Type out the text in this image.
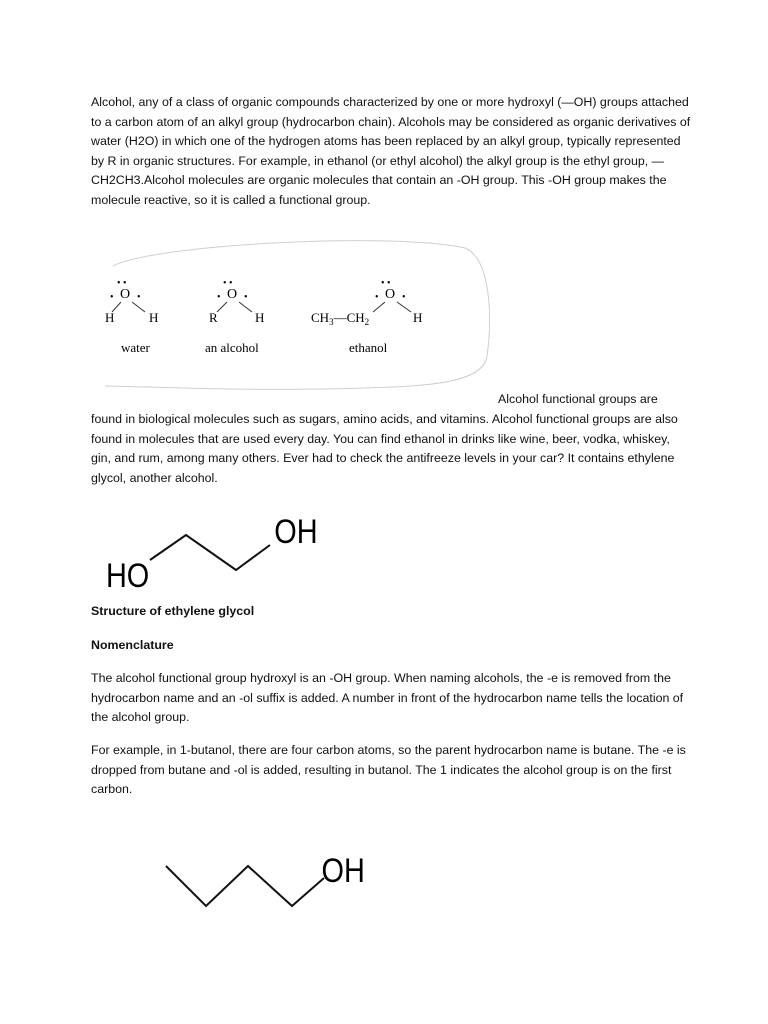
Alcohol, any of a class of organic compounds characterized by one or more hydroxyl (—OH) groups attached to a carbon atom of an alkyl group (hydrocarbon chain). Alcohols may be considered as organic derivatives of water (H2O) in which one of the hydrogen atoms has been replaced by an alkyl group, typically represented by R in organic structures. For example, in ethanol (or ethyl alcohol) the alkyl group is the ethyl group, —CH2CH3.Alcohol molecules are organic molecules that contain an -OH group. This -OH group makes the molecule reactive, so it is called a functional group.

O
• •
• •
H	H
water
O
• •
• •
R	H
an alcohol
O
• •
• •
$CH_3—CH_2$	H
ethanol

Alcohol functional groups are

found in biological molecules such as sugars, amino acids, and vitamins. Alcohol functional groups are also found in molecules that are used every day. You can find ethanol in drinks like wine, beer, vodka, whiskey, gin, and rum, among many others. Ever had to check the antifreeze levels in your car? It contains ethylene glycol, another alcohol.

HO
OH

Structure of ethylene glycol

Nomenclature

The alcohol functional group hydroxyl is an -OH group. When naming alcohols, the -e is removed from the hydrocarbon name and an -ol suffix is added. A number in front of the hydrocarbon name tells the location of the alcohol group.

For example, in 1-butanol, there are four carbon atoms, so the parent hydrocarbon name is butane. The -e is dropped from butane and -ol is added, resulting in butanol. The 1 indicates the alcohol group is on the first carbon.

OH
